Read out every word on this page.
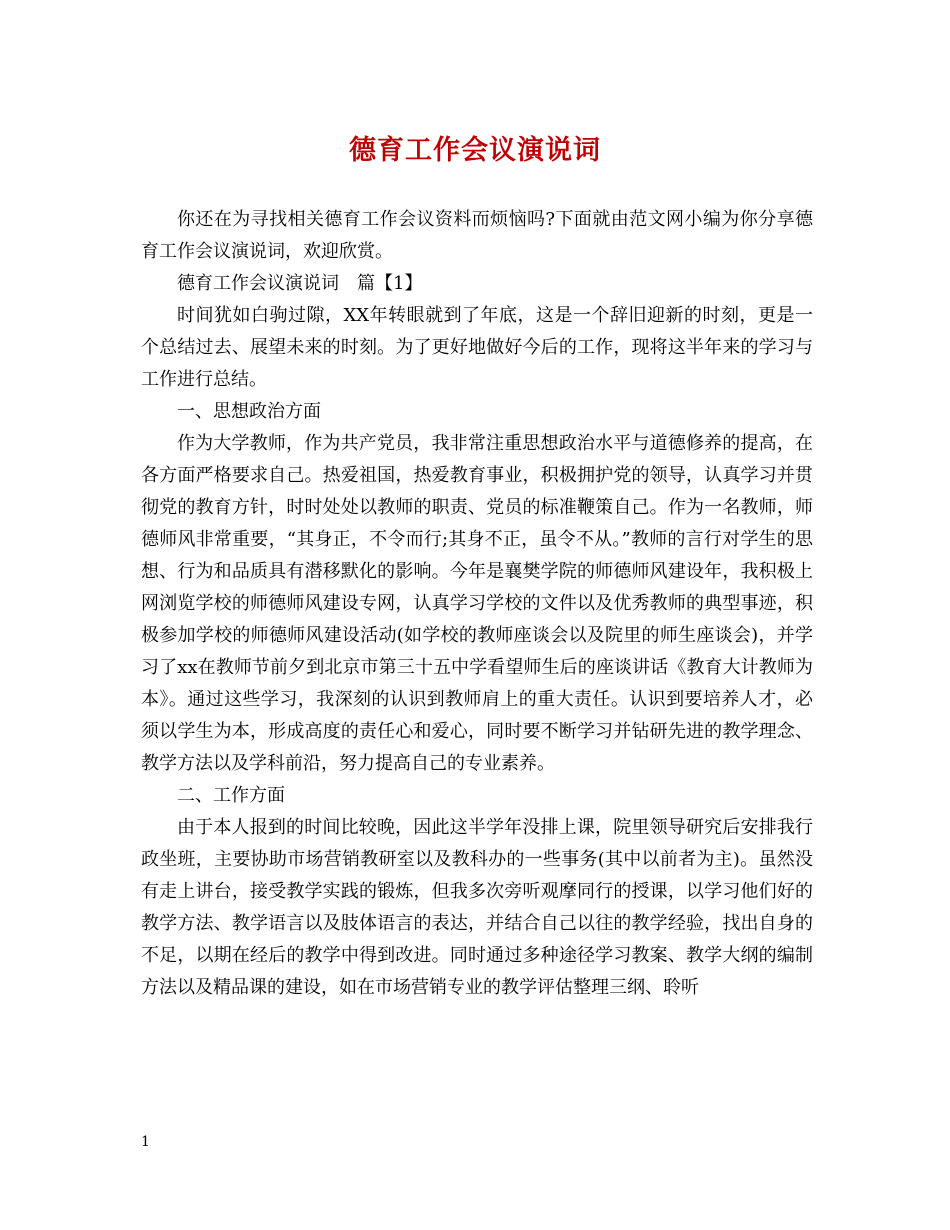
德育工作会议演说词

你还在为寻找相关德育工作会议资料而烦恼吗?下面就由范文网小编为你分享德育工作会议演说词，欢迎欣赏。

德育工作会议演说词　篇【1】

时间犹如白驹过隙，XX年转眼就到了年底，这是一个辞旧迎新的时刻，更是一个总结过去、展望未来的时刻。为了更好地做好今后的工作，现将这半年来的学习与工作进行总结。

一、思想政治方面

作为大学教师，作为共产党员，我非常注重思想政治水平与道德修养的提高，在各方面严格要求自己。热爱祖国，热爱教育事业，积极拥护党的领导，认真学习并贯彻党的教育方针，时时处处以教师的职责、党员的标准鞭策自己。作为一名教师，师德师风非常重要，“其身正，不令而行;其身不正，虽令不从。”教师的言行对学生的思想、行为和品质具有潜移默化的影响。今年是襄樊学院的师德师风建设年，我积极上网浏览学校的师德师风建设专网，认真学习学校的文件以及优秀教师的典型事迹，积极参加学校的师德师风建设活动(如学校的教师座谈会以及院里的师生座谈会)，并学习了xx在教师节前夕到北京市第三十五中学看望师生后的座谈讲话《教育大计教师为本》。通过这些学习，我深刻的认识到教师肩上的重大责任。认识到要培养人才，必须以学生为本，形成高度的责任心和爱心，同时要不断学习并钻研先进的教学理念、教学方法以及学科前沿，努力提高自己的专业素养。

二、工作方面

由于本人报到的时间比较晚，因此这半学年没排上课，院里领导研究后安排我行政坐班，主要协助市场营销教研室以及教科办的一些事务(其中以前者为主)。虽然没有走上讲台，接受教学实践的锻炼，但我多次旁听观摩同行的授课，以学习他们好的教学方法、教学语言以及肢体语言的表达，并结合自己以往的教学经验，找出自身的不足，以期在经后的教学中得到改进。同时通过多种途径学习教案、教学大纲的编制方法以及精品课的建设，如在市场营销专业的教学评估整理三纲、聆听

1
